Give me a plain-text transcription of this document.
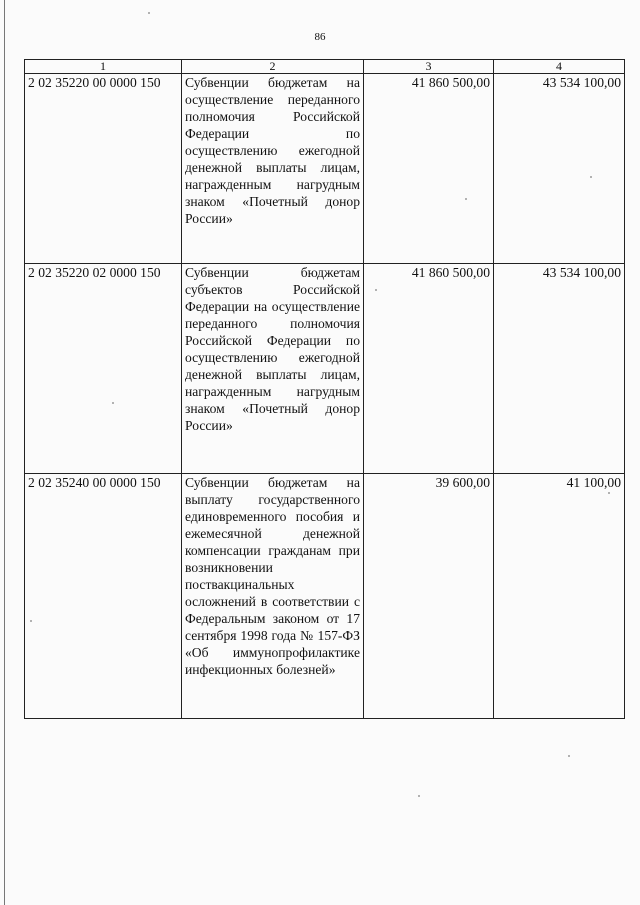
86
1	2	3	4
2 02 35220 00 0000 150	Субвенции бюджетам на осуществление переданного полномочия Российской Федерации по осуществлению ежегодной денежной выплаты лицам, награжденным нагрудным знаком «Почетный донор России»	41 860 500,00	43 534 100,00
2 02 35220 02 0000 150	Субвенции бюджетам субъектов Российской Федерации на осуществление переданного полномочия Российской Федерации по осуществлению ежегодной денежной выплаты лицам, награжденным нагрудным знаком «Почетный донор России»	41 860 500,00	43 534 100,00
2 02 35240 00 0000 150	Субвенции бюджетам на выплату государственного единовременного пособия и ежемесячной денежной компенсации гражданам при возникновении поствакцинальных осложнений в соответствии с Федеральным законом от 17 сентября 1998 года № 157-ФЗ «Об иммунопрофилактике инфекционных болезней»	39 600,00	41 100,00
